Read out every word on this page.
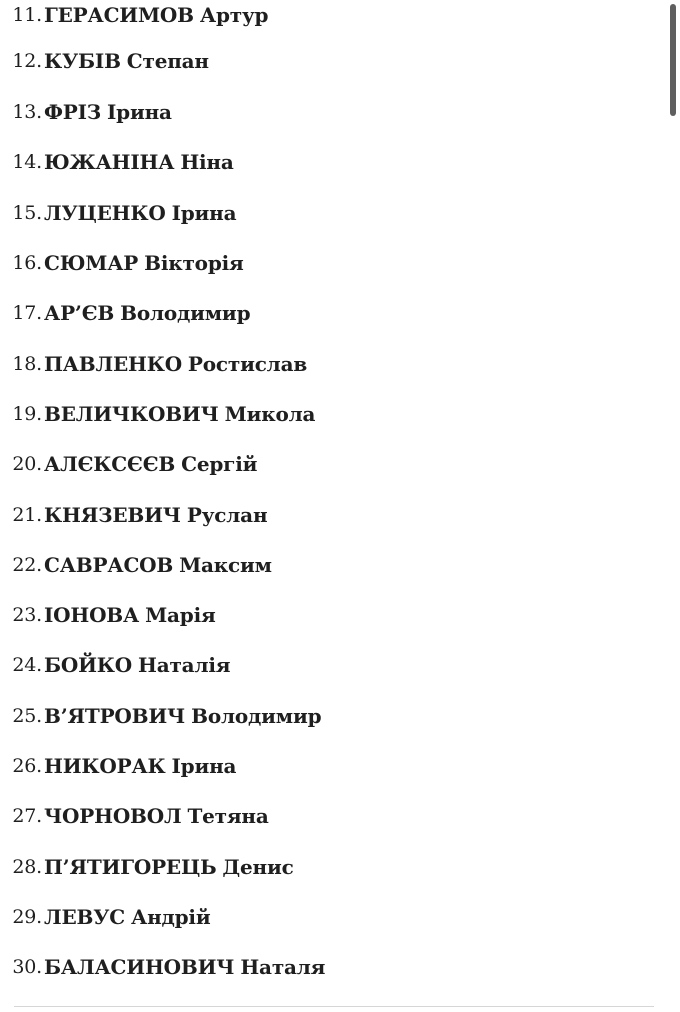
11. ГЕРАСИМОВ Артур
12. КУБІВ Степан
13. ФРІЗ Ірина
14. ЮЖАНІНА Ніна
15. ЛУЦЕНКО Ірина
16. СЮМАР Вікторія
17. АР’ЄВ Володимир
18. ПАВЛЕНКО Ростислав
19. ВЕЛИЧКОВИЧ Микола
20. АЛЄКСЄЄВ Сергій
21. КНЯЗЕВИЧ Руслан
22. САВРАСОВ Максим
23. ІОНОВА Марія
24. БОЙКО Наталія
25. В’ЯТРОВИЧ Володимир
26. НИКОРАК Ірина
27. ЧОРНОВОЛ Тетяна
28. П’ЯТИГОРЕЦЬ Денис
29. ЛЕВУС Андрій
30. БАЛАСИНОВИЧ Наталя
